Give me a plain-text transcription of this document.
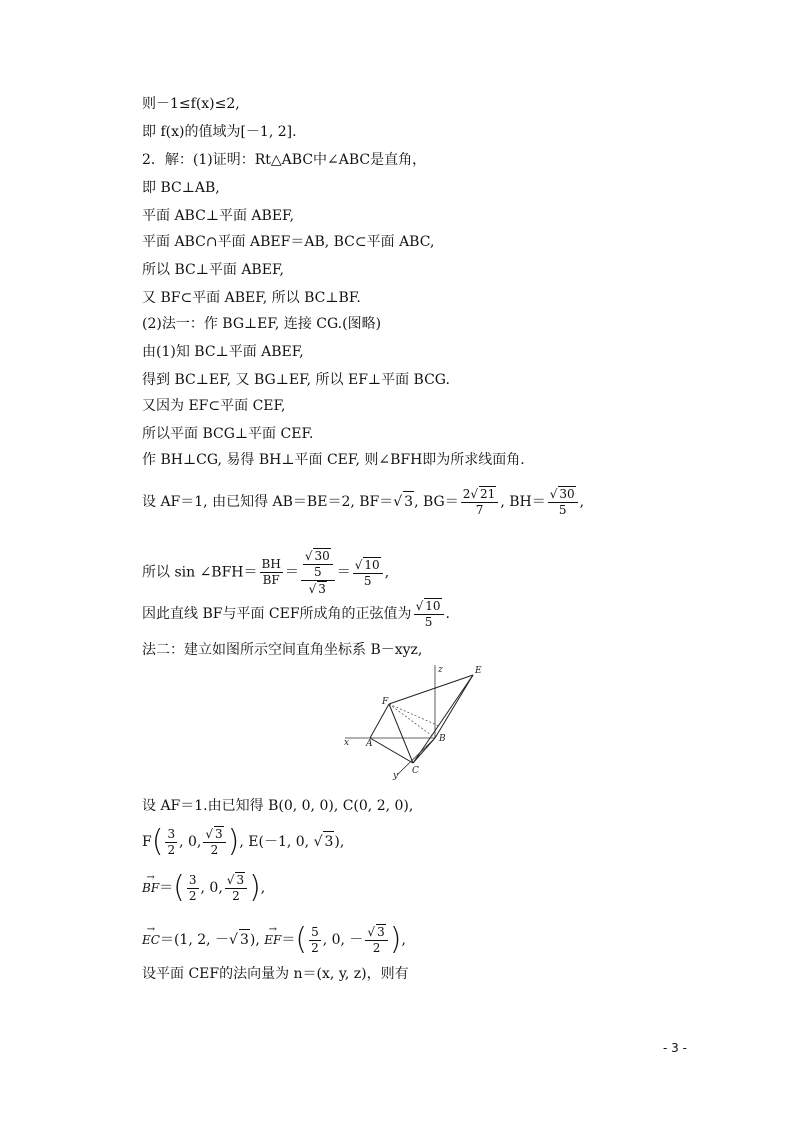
则－1≤f(x)≤2,
即 f(x)的值域为[－1, 2].
2．解：(1)证明：Rt△ABC中∠ABC是直角，
即 BC⊥AB,
平面 ABC⊥平面 ABEF,
平面 ABC∩平面 ABEF＝AB, BC⊂平面 ABC,
所以 BC⊥平面 ABEF,
又 BF⊂平面 ABEF, 所以 BC⊥BF.
(2)法一：作 BG⊥EF, 连接 CG.(图略)
由(1)知 BC⊥平面 ABEF,
得到 BC⊥EF, 又 BG⊥EF, 所以 EF⊥平面 BCG.
又因为 EF⊂平面 CEF,
所以平面 BCG⊥平面 CEF.
作 BH⊥CG, 易得 BH⊥平面 CEF, 则∠BFH即为所求线面角.
设 AF＝1, 由已知得 AB＝BE＝2, BF＝√ 3, $BG= \frac{2√ 21}{7}$ , $BH= \frac{√ 30}{5}$ ,
所以 sin ∠BFH＝ $\frac{BH}{BF} = \frac{\frac{√ 30}{5}}{√ 3} = \frac{√ 10}{5}$ ,
因此直线 BF与平面 CEF所成角的正弦值为 $\frac{√ 10}{5}$ .
法二：建立如图所示空间直角坐标系 B－xyz,
z	E
F
x A	B
C
y
设 AF＝1.由已知得 B(0, 0, 0), C(0, 2, 0),
$F( \frac{3}{2}$ , 0, $\frac{√ 3}{2}$ ), E(－1, 0, √ 3),
→ $BF=( \frac{3}{2}$ , 0, $\frac{√ 3}{2}$ ),
→ EC＝(1, 2, －√ 3), → $EF=( \frac{5}{2}$ , 0, － $\frac{√ 3}{2}$ ),
设平面 CEF的法向量为 n＝(x, y, z)，则有
- 3 -
